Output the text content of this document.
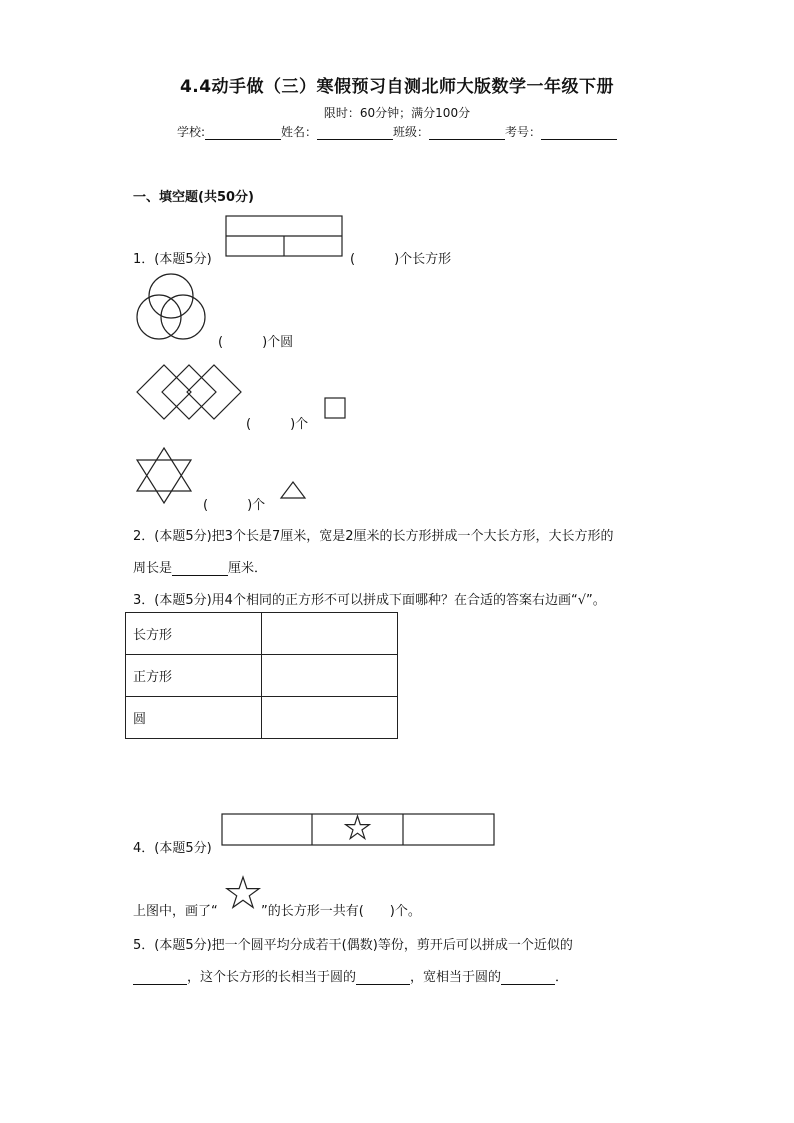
4.4动手做（三）寒假预习自测北师大版数学一年级下册
限时：60分钟；满分100分
学校:	姓名：	班级：	考号：
一、填空题(共50分)
1．(本题5分)	(　　　)个长方形
(　　　)个圆
(　　　)个
(　　　)个
2．(本题5分)把3个长是7厘米，宽是2厘米的长方形拼成一个大长方形，大长方形的
周长是	厘米．
3．(本题5分)用4个相同的正方形不可以拼成下面哪种？在合适的答案右边画“√”。
长方形	
正方形	
圆	
4．(本题5分)
上图中，画了“	”的长方形一共有(　　)个。
5．(本题5分)把一个圆平均分成若干(偶数)等份，剪开后可以拼成一个近似的
，这个长方形的长相当于圆的	，宽相当于圆的	．
